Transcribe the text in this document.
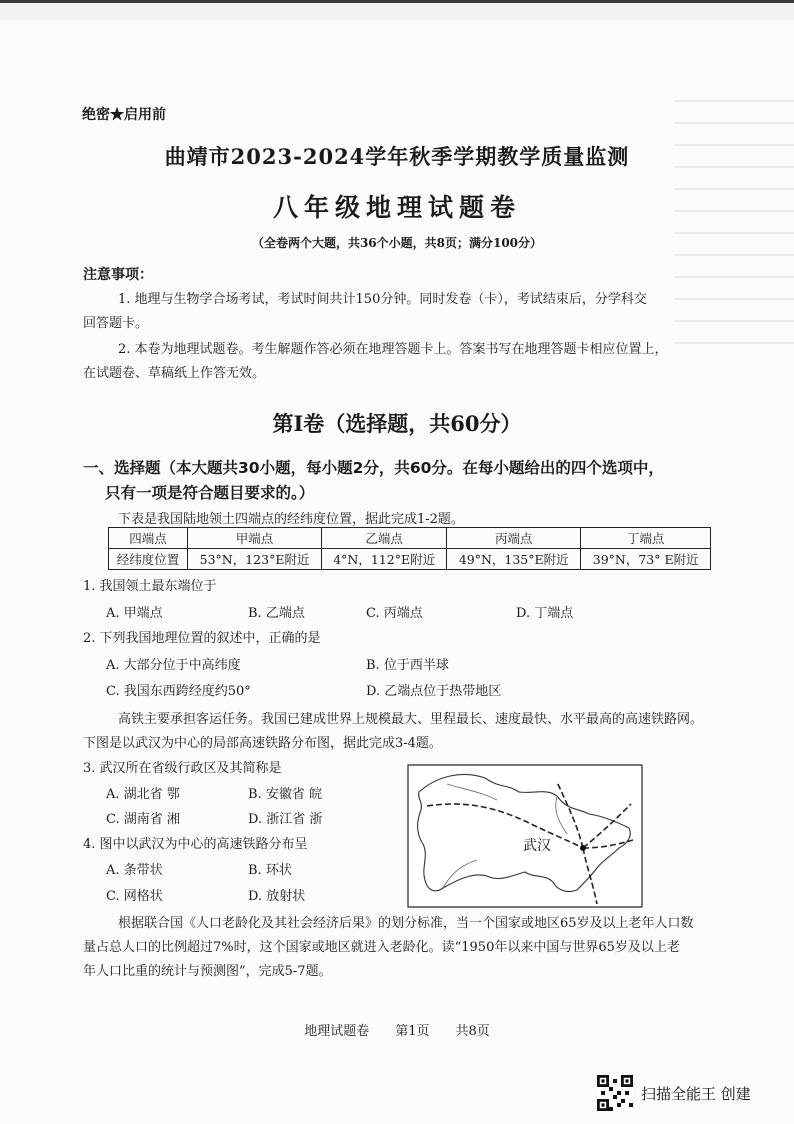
绝密★启用前
曲靖市2023-2024学年秋季学期教学质量监测
八年级地理试题卷
（全卷两个大题，共36个小题，共8页；满分100分）
注意事项：
1. 地理与生物学合场考试，考试时间共计150分钟。同时发卷（卡），考试结束后，分学科交
回答题卡。
2. 本卷为地理试题卷。考生解题作答必须在地理答题卡上。答案书写在地理答题卡相应位置上，
在试题卷、草稿纸上作答无效。
第Ⅰ卷（选择题，共60分）
一、选择题（本大题共30小题，每小题2分，共60分。在每小题给出的四个选项中，
只有一项是符合题目要求的。）
下表是我国陆地领土四端点的经纬度位置，据此完成1-2题。
四端点	甲端点	乙端点	丙端点	丁端点
经纬度位置	53°N，123°E附近	4°N，112°E附近	49°N，135°E附近	39°N，73° E附近
1. 我国领土最东端位于
A. 甲端点	B. 乙端点	C. 丙端点	D. 丁端点
2. 下列我国地理位置的叙述中，正确的是
A. 大部分位于中高纬度	B. 位于西半球
C. 我国东西跨经度约50°	D. 乙端点位于热带地区
高铁主要承担客运任务。我国已建成世界上规模最大、里程最长、速度最快、水平最高的高速铁路网。
下图是以武汉为中心的局部高速铁路分布图，据此完成3-4题。
3. 武汉所在省级行政区及其简称是
A. 湖北省 鄂	B. 安徽省 皖
C. 湖南省 湘	D. 浙江省 浙
4. 图中以武汉为中心的高速铁路分布呈
A. 条带状	B. 环状
C. 网格状	D. 放射状
武汉
根据联合国《人口老龄化及其社会经济后果》的划分标准，当一个国家或地区65岁及以上老年人口数
量占总人口的比例超过7%时，这个国家或地区就进入老龄化。读“1950年以来中国与世界65岁及以上老
年人口比重的统计与预测图”，完成5-7题。
地理试题卷　　第1页　　共8页
扫描全能王 创建
